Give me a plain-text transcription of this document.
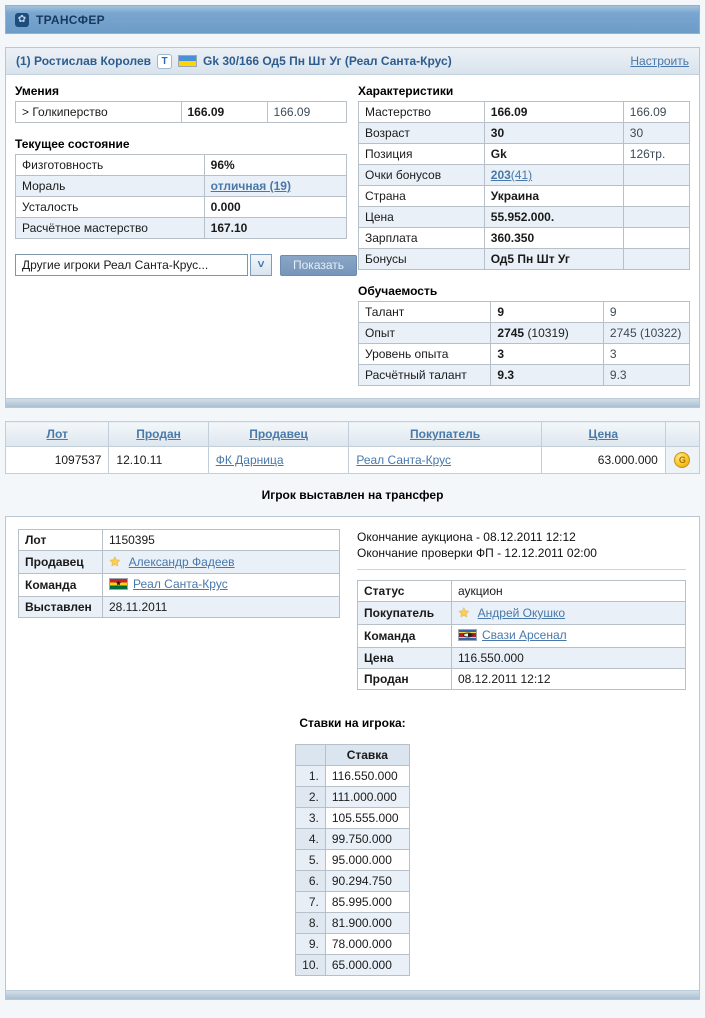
✿ ТРАНСФЕР
(1) Ростислав Королев	T	Gk 30/166 Од5 Пн Шт Уг (Реал Санта-Крус)	Настроить
Умения
> Голкиперство	166.09	166.09
Текущее состояние
Физготовность	96%
Мораль	отличная (19)
Усталость	0.000
Расчётное мастерство	167.10
Другие игроки Реал Санта-Крус...	˅	Показать
Характеристики
Мастерство	166.09	166.09
Возраст	30	30
Позиция	Gk	126тр.
Очки бонусов	203(41)	
Страна	Украина	
Цена	55.952.000.	
Зарплата	360.350	
Бонусы	Од5 Пн Шт Уг	
Обучаемость
Талант	9	9
Опыт	2745 (10319)	2745 (10322)
Уровень опыта	3	3
Расчётный талант	9.3	9.3
Лот	Продан	Продавец	Покупатель	Цена	
1097537	12.10.11	ФК Дарница	Реал Санта-Крус	63.000.000	G
Игрок выставлен на трансфер
Лот	1150395
Продавец	★ Александр Фадеев

Команда	★ Реал Санта-Крус

Выставлен	28.11.2011
Окончание аукциона - 08.12.2011 12:12
Окончание проверки ФП - 12.12.2011 02:00
Статус	аукцион
Покупатель	★ Андрей Окушко

Команда	Свази Арсенал

Цена	116.550.000
Продан	08.12.2011 12:12
Ставки на игрока:
	Ставка
1.	116.550.000
2.	111.000.000
3.	105.555.000
4.	99.750.000
5.	95.000.000
6.	90.294.750
7.	85.995.000
8.	81.900.000
9.	78.000.000
10.	65.000.000
